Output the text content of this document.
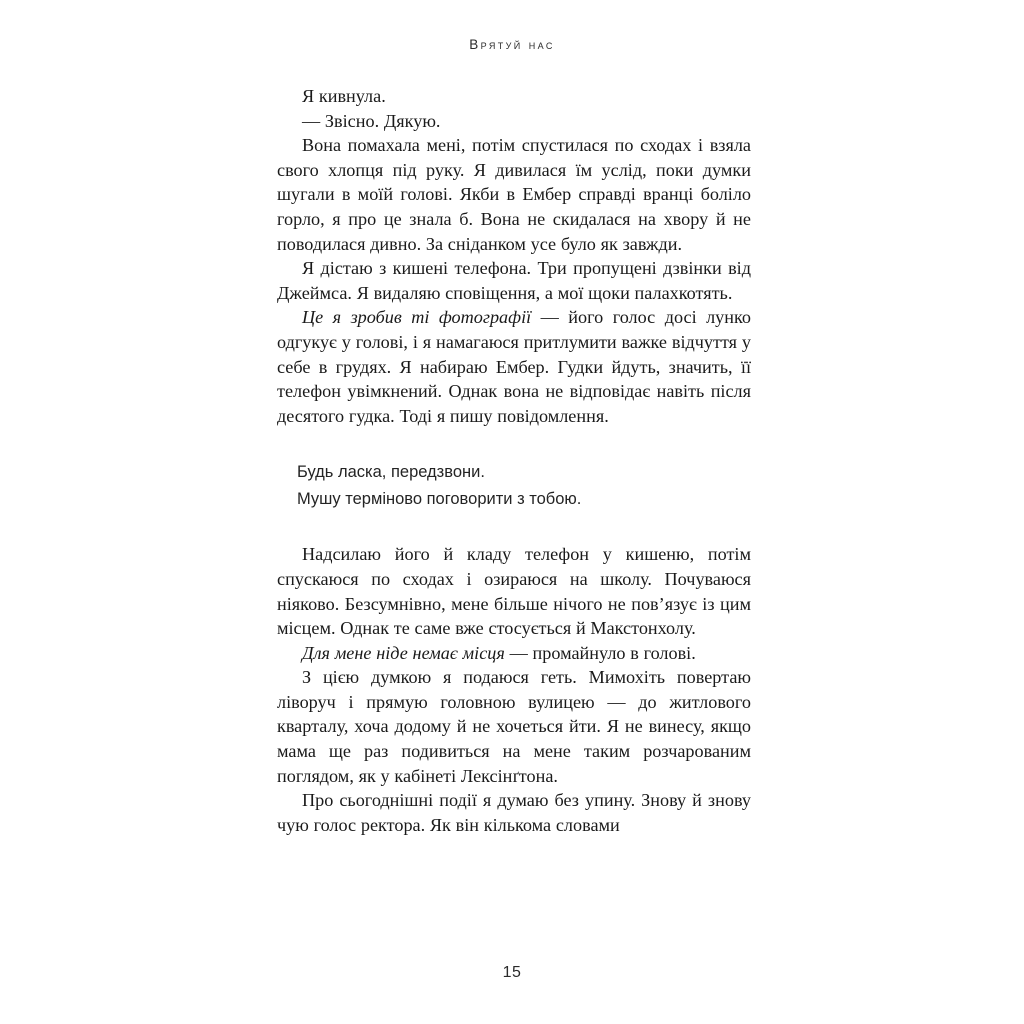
Врятуй нас

Я кивнула.

— Звісно. Дякую.

Вона помахала мені, потім спустилася по сходах і взяла свого хлопця під руку. Я дивилася їм услід, поки думки шугали в моїй голові. Якби в Ембер справді вранці боліло горло, я про це знала б. Вона не скидалася на хвору й не поводилася дивно. За сніданком усе було як завжди.

Я дістаю з кишені телефона. Три пропущені дзвінки від Джеймса. Я видаляю сповіщення, а мої щоки палахкотять.

Це я зробив ті фотографії — його голос досі лунко одгукує у голові, і я намагаюся притлумити важке відчуття у себе в грудях. Я набираю Ембер. Гудки йдуть, значить, її телефон увімкнений. Однак вона не відповідає навіть після десятого гудка. Тоді я пишу повідомлення.

Будь ласка, передзвони.
Мушу терміново поговорити з тобою.

Надсилаю його й кладу телефон у кишеню, потім спускаюся по сходах і озираюся на школу. Почуваюся ніяково. Безсумнівно, мене більше нічого не пов’язує із цим місцем. Однак те саме вже стосується й Макстонхолу.

Для мене ніде немає місця — промайнуло в голові.

З цією думкою я подаюся геть. Мимохіть повертаю ліворуч і прямую головною вулицею — до житлового кварталу, хоча додому й не хочеться йти. Я не винесу, якщо мама ще раз подивиться на мене таким розчарованим поглядом, як у кабінеті Лексінґтона.

Про сьогоднішні події я думаю без упину. Знову й знову чую голос ректора. Як він кількома словами

15
